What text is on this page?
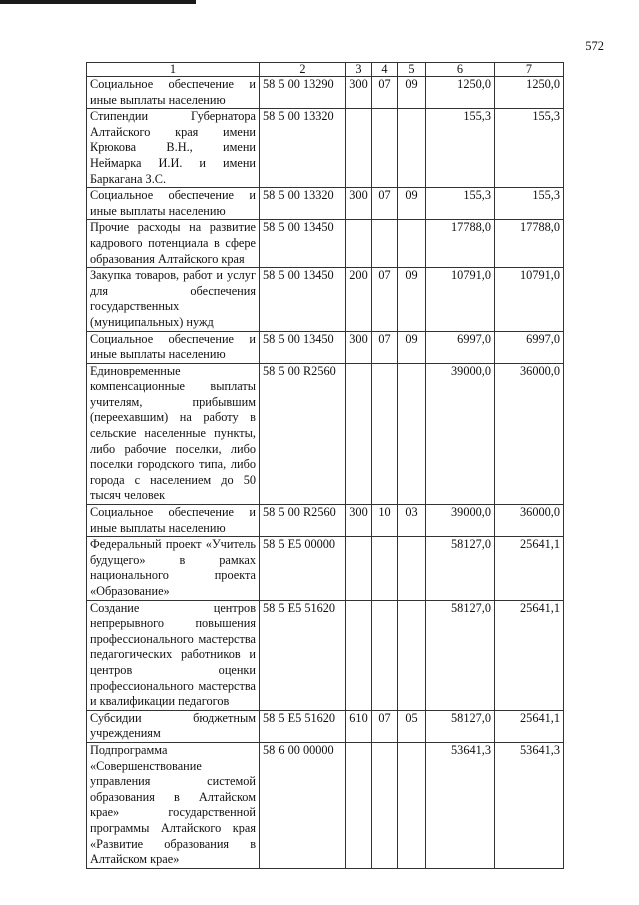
572
1	2	3	4	5	6	7
Социальное обеспечение и иные выплаты населению	58 5 00 13290	300	07	09	1250,0	1250,0
Стипендии Губернатора Алтайского края имени Крюкова В.Н., имени Неймарка И.И. и имени Баркагана З.С.	58 5 00 13320				155,3	155,3
Социальное обеспечение и иные выплаты населению	58 5 00 13320	300	07	09	155,3	155,3
Прочие расходы на развитие кадрового потенциала в сфере образования Алтайского края	58 5 00 13450				17788,0	17788,0
Закупка товаров, работ и услуг для обеспечения государственных (муниципальных) нужд	58 5 00 13450	200	07	09	10791,0	10791,0
Социальное обеспечение и иные выплаты населению	58 5 00 13450	300	07	09	6997,0	6997,0
Единовременные компенсационные выплаты учителям, прибывшим (переехавшим) на работу в сельские населенные пункты, либо рабочие поселки, либо поселки городского типа, либо города с населением до 50 тысяч человек	58 5 00 R2560				39000,0	36000,0
Социальное обеспечение и иные выплаты населению	58 5 00 R2560	300	10	03	39000,0	36000,0
Федеральный проект «Учитель будущего» в рамках национального проекта «Образование»	58 5 E5 00000				58127,0	25641,1
Создание центров непрерывного повышения профессионального мастерства педагогических работников и центров оценки профессионального мастерства и квалификации педагогов	58 5 E5 51620				58127,0	25641,1
Субсидии бюджетным учреждениям	58 5 E5 51620	610	07	05	58127,0	25641,1
Подпрограмма «Совершенствование управления системой образования в Алтайском крае» государственной программы Алтайского края «Развитие образования в Алтайском крае»	58 6 00 00000				53641,3	53641,3
